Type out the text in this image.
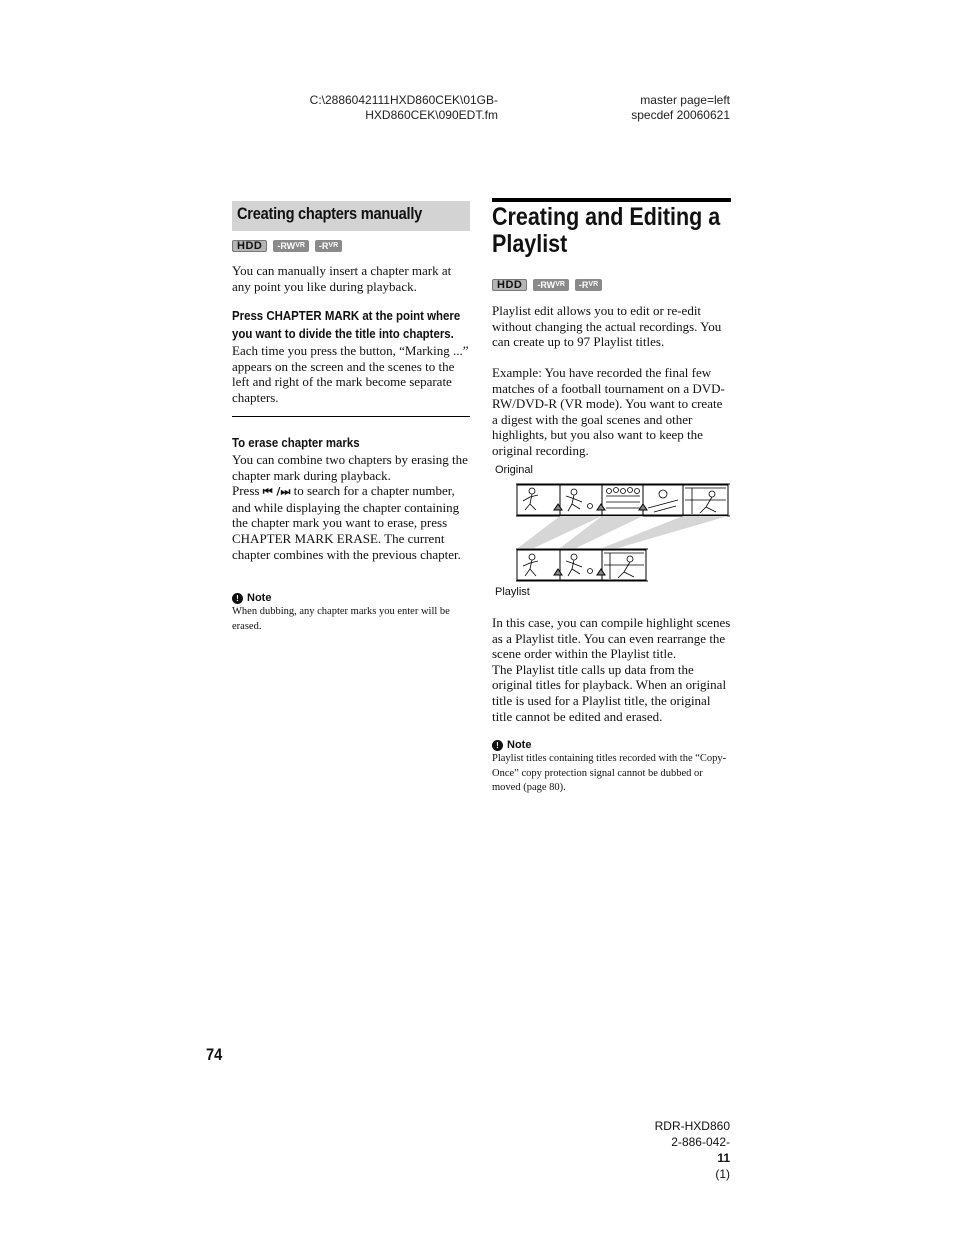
C:\2886042111HXD860CEK\01GB-
HXD860CEK\090EDT.fm
master page=left
specdef 20060621
Creating chapters manually
HDD	-RW VR -R VR

You can manually insert a chapter mark at any point you like during playback.

Press CHAPTER MARK at the point where
you want to divide the title into chapters.

Each time you press the button, “Marking ...” appears on the screen and the scenes to the left and right of the mark become separate chapters.

To erase chapter marks

You can combine two chapters by erasing the chapter mark during playback.

Press ⏮ /⏭ to search for a chapter number, and while displaying the chapter containing the chapter mark you want to erase, press CHAPTER MARK ERASE. The current chapter combines with the previous chapter.

! Note
When dubbing, any chapter marks you enter will be erased.
Creating and Editing a
Playlist
HDD	-RW VR -R VR

Playlist edit allows you to edit or re-edit without changing the actual recordings. You can create up to 97 Playlist titles.

Example: You have recorded the final few matches of a football tournament on a DVD-RW/DVD-R (VR mode). You want to create a digest with the goal scenes and other highlights, but you also want to keep the original recording.

Original
Playlist

In this case, you can compile highlight scenes as a Playlist title. You can even rearrange the scene order within the Playlist title.

The Playlist title calls up data from the original titles for playback. When an original title is used for a Playlist title, the original title cannot be edited and erased.

! Note
Playlist titles containing titles recorded with the “Copy-Once” copy protection signal cannot be dubbed or moved (page 80).
74
RDR-HXD860
2-886-042-
11
(1)
